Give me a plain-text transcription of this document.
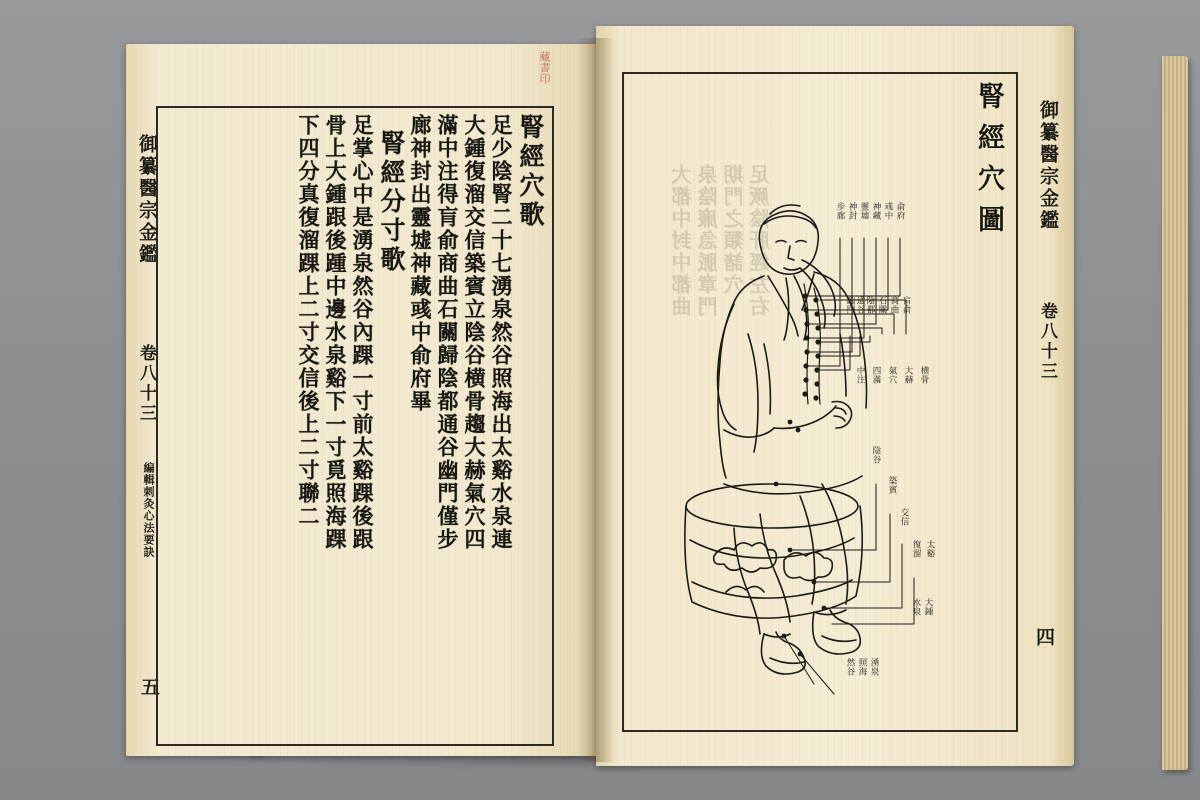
藏書印
御纂醫宗金鑑
卷八十三
編輯刺灸心法要訣
五
腎經穴歌
足少陰腎二十七湧泉然谷照海出太谿水泉連
大鍾復溜交信築賓立陰谷横骨趨大赫氣穴四
滿中注得肓俞商曲石關歸陰都通谷幽門僅步
廊神封出靈墟神藏彧中俞府畢
腎經分寸歌
足掌心中是湧泉然谷內踝一寸前太谿踝後跟
骨上大鍾跟後踵中邊水泉谿下一寸覓照海踝
下四分真復溜踝上二寸交信後上二寸聯二	御纂醫宗金鑑
卷八十三
四
腎經穴圖
大都中封中都曲 泉陰廉急脈章門 期門之類諸穴 足厥陰肝經左右	步廊 神封 靈墟 神藏 彧中 俞府
幽門 通谷 陰都 石關 商曲 肓俞
中注 四滿 氣穴 大赫 横骨
陰谷
築賓
交信
復溜 太谿
水泉 大鍾
然谷 照海 湧泉
